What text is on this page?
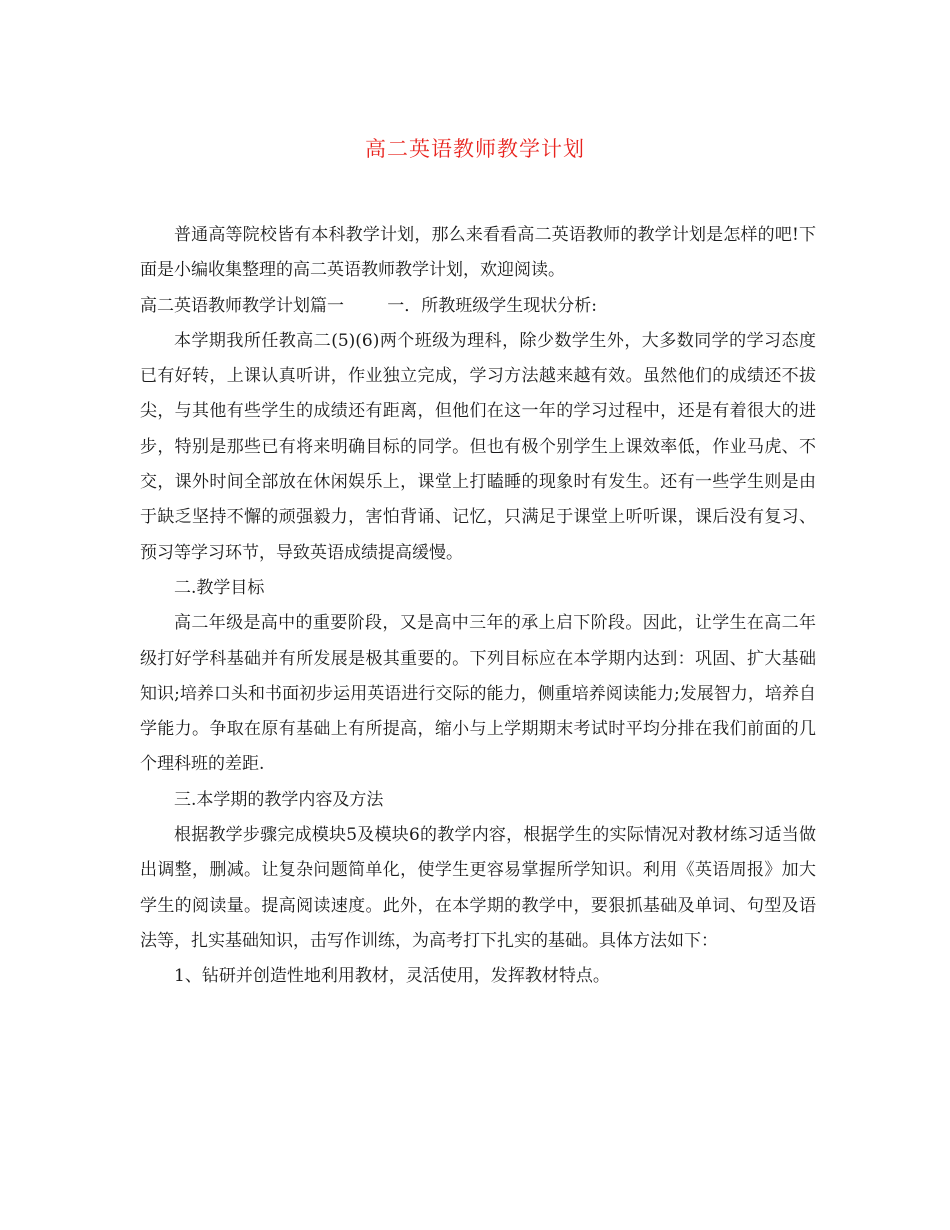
高二英语教师教学计划

普通高等院校皆有本科教学计划，那么来看看高二英语教师的教学计划是怎样的吧!下面是小编收集整理的高二英语教师教学计划，欢迎阅读。

高二英语教师教学计划篇一        一．所教班级学生现状分析:

本学期我所任教高二(5)(6)两个班级为理科，除少数学生外，大多数同学的学习态度已有好转，上课认真听讲，作业独立完成，学习方法越来越有效。虽然他们的成绩还不拔尖，与其他有些学生的成绩还有距离，但他们在这一年的学习过程中，还是有着很大的进步，特别是那些已有将来明确目标的同学。但也有极个别学生上课效率低，作业马虎、不交，课外时间全部放在休闲娱乐上，课堂上打瞌睡的现象时有发生。还有一些学生则是由于缺乏坚持不懈的顽强毅力，害怕背诵、记忆，只满足于课堂上听听课，课后没有复习、预习等学习环节，导致英语成绩提高缓慢。

二.教学目标

高二年级是高中的重要阶段，又是高中三年的承上启下阶段。因此，让学生在高二年级打好学科基础并有所发展是极其重要的。下列目标应在本学期内达到：巩固、扩大基础知识;培养口头和书面初步运用英语进行交际的能力，侧重培养阅读能力;发展智力，培养自学能力。争取在原有基础上有所提高，缩小与上学期期末考试时平均分排在我们前面的几个理科班的差距.

三.本学期的教学内容及方法

根据教学步骤完成模块5及模块6的教学内容，根据学生的实际情况对教材练习适当做出调整，删减。让复杂问题简单化，使学生更容易掌握所学知识。利用《英语周报》加大学生的阅读量。提高阅读速度。此外，在本学期的教学中，要狠抓基础及单词、句型及语法等，扎实基础知识，击写作训练，为高考打下扎实的基础。具体方法如下：

1、钻研并创造性地利用教材，灵活使用，发挥教材特点。
